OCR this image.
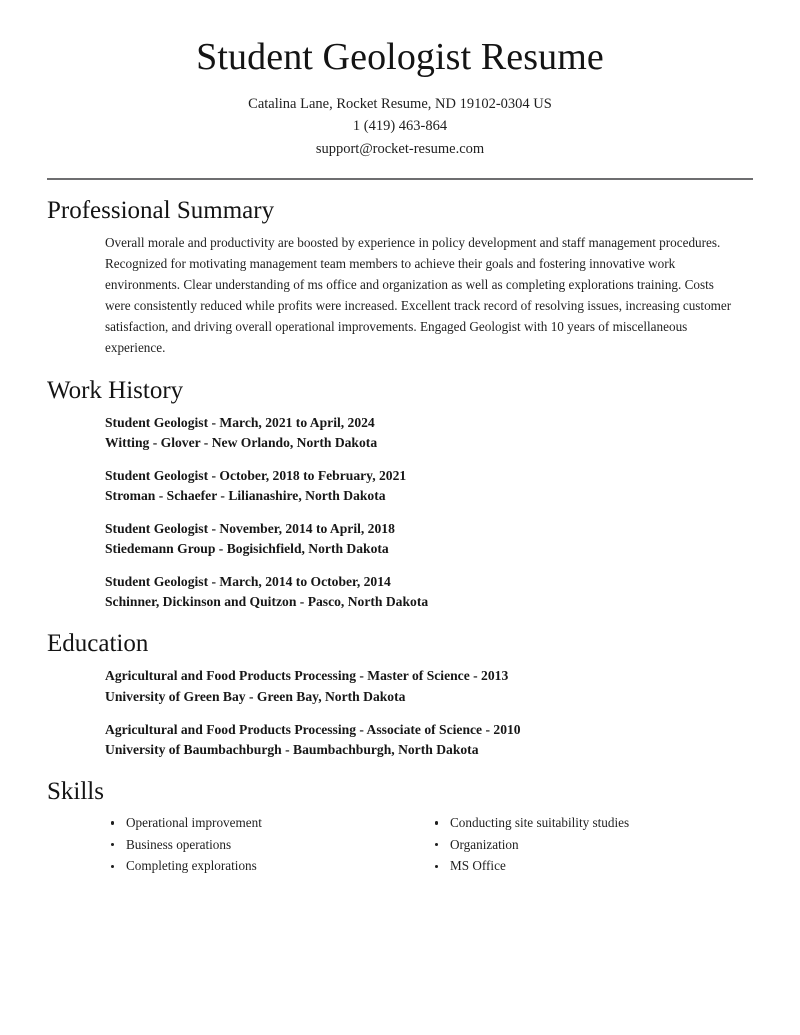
Student Geologist Resume
Catalina Lane, Rocket Resume, ND 19102-0304 US
1 (419) 463-864
support@rocket-resume.com
Professional Summary

Overall morale and productivity are boosted by experience in policy development and staff management procedures. Recognized for motivating management team members to achieve their goals and fostering innovative work environments. Clear understanding of ms office and organization as well as completing explorations training. Costs were consistently reduced while profits were increased. Excellent track record of resolving issues, increasing customer satisfaction, and driving overall operational improvements. Engaged Geologist with 10 years of miscellaneous experience.

Work History
Student Geologist - March, 2021 to April, 2024
Witting - Glover - New Orlando, North Dakota
Student Geologist - October, 2018 to February, 2021
Stroman - Schaefer - Lilianashire, North Dakota
Student Geologist - November, 2014 to April, 2018
Stiedemann Group - Bogisichfield, North Dakota
Student Geologist - March, 2014 to October, 2014
Schinner, Dickinson and Quitzon - Pasco, North Dakota
Education
Agricultural and Food Products Processing - Master of Science - 2013
University of Green Bay - Green Bay, North Dakota
Agricultural and Food Products Processing - Associate of Science - 2010
University of Baumbachburgh - Baumbachburgh, North Dakota
Skills
Operational improvement
Business operations
Completing explorations
Conducting site suitability studies
Organization
MS Office
